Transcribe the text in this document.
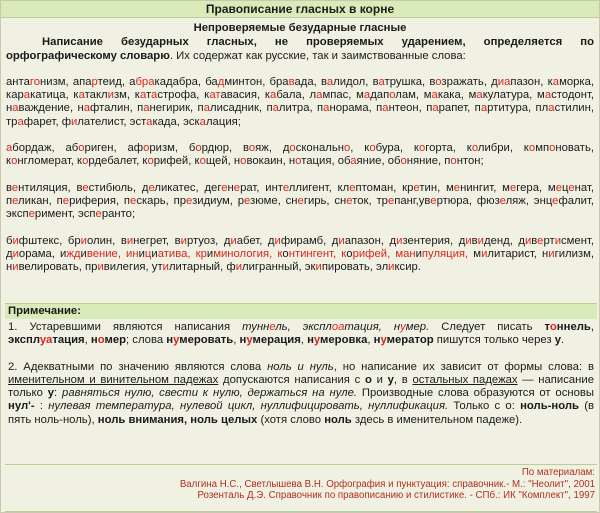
Правописание гласных в корне
Непроверяемые безударные гласные
Написание безударных гласных, не проверяемых ударением, определяется по орфографическому словарю. Их содержат как русские, так и заимствованные слова:

антагонизм, апартеид, абракадабра, бадминтон, бравада, валидол, ватрушка, возражать, диапазон, каморка, каракатица, катаклизм, катастрофа, катавасия, кабала, лампас, мадаполам, макака, макулатура, мастодонт, наваждение, нафталин, панегирик, палисадник, палитра, панорама, пантеон, парапет, партитура, пластилин, трафарет, филателист, эстакада, эскалация;

абордаж, абориген, афоризм, бордюр, вояж, досконально, кобура, когорта, колибри, компоновать, конгломерат, кордебалет, корифей, кощей, новокаин, нотация, обаяние, обоняние, понтон;

вентиляция, вестибюль, деликатес, дегенерат, интеллигент, клептоман, кретин, менингит, мегера, меценат, пеликан, периферия, пескарь, президиум, резюме, снегирь, снеток, трепанг,увертюра, фюзеляж, энцефалит, эксперимент, эсперанто;

бифштекс, бриолин, винегрет, виртуоз, диабет, дифирамб, диапазон, дизентерия, дивиденд, дивертисмент, диорама, иждивение, инициатива, криминология, контингент, корифей, манипуляция, милитарист, нигилизм, нивелировать, привилегия, утилитарный, филигранный, экипировать, эликсир.

Примечание:
1. Устаревшими являются написания туннель, эксплоатация, нумер. Следует писать тоннель, эксплуатация, номер; слова нумеровать, нумерация, нумеровка, нумератор пишутся только через у.
2. Адекватными по значению являются слова ноль и нуль, но написание их зависит от формы слова: в именительном и винительном падежах допускаются написания с о и у, в остальных падежах — написание только у: равняться нулю, свести к нулю, держаться на нуле. Производные слова образуются от основы нул'- : нулевая температура, нулевой цикл, нуллифицировать, нуллификация. Только с о: ноль-ноль (в пять ноль-ноль), ноль внимания, ноль целых (хотя слово ноль здесь в именительном падеже).
По материалам:
Валгина Н.С., Светлышева В.Н. Орфография и пунктуация: справочник.- М.: "Неолит", 2001
Розенталь Д.Э. Справочник по правописанию и стилистике. - СПб.: ИК "Комплект", 1997
